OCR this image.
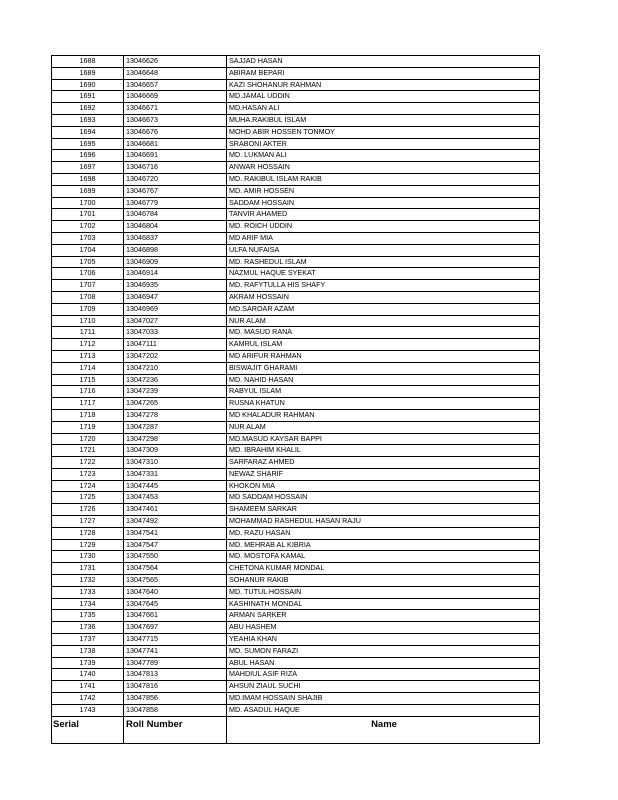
1688	13046626	SAJJAD HASAN
1689	13046648	ABIRAM BEPARI
1690	13046657	KAZI SHOHANUR RAHMAN
1691	13046669	MD.JAMAL UDDIN
1692	13046671	MD.HASAN ALI
1693	13046673	MUHA.RAKIBUL ISLAM
1694	13046676	MOHD ABIR HOSSEN TONMOY
1695	13046681	SRABONI AKTER
1696	13046691	MD. LUKMAN ALI
1697	13046716	ANWAR HOSSAIN
1698	13046720	MD. RAKIBUL ISLAM RAKIB
1699	13046767	MD. AMIR HOSSEN
1700	13046779	SADDAM HOSSAIN
1701	13046784	TANVIR AHAMED
1702	13046804	MD. ROICH UDDIN
1703	13046837	MD ARIF MIA
1704	13046898	ULFA NUFAISA
1705	13046909	MD. RASHEDUL ISLAM
1706	13046914	NAZMUL HAQUE SYEKAT
1707	13046935	MD. RAFYTULLA HIS SHAFY
1708	13046947	AKRAM HOSSAIN
1709	13046969	MD.SAROAR AZAM
1710	13047027	NUR ALAM
1711	13047033	MD. MASUD RANA
1712	13047111	KAMRUL ISLAM
1713	13047202	MD ARIFUR RAHMAN
1714	13047210	BISWAJIT GHARAMI
1715	13047236	MD. NAHID HASAN
1716	13047239	RABYUL ISLAM
1717	13047265	RUSNA KHATUN
1718	13047278	MD KHALADUR RAHMAN
1719	13047287	NUR ALAM
1720	13047298	MD.MASUD KAYSAR BAPPI
1721	13047309	MD. IBRAHIM KHALIL
1722	13047310	SARFARAZ AHMED
1723	13047331	NEWAZ SHARIF
1724	13047445	KHOKON MIA
1725	13047453	MD SADDAM HOSSAIN
1726	13047461	SHAMEEM SARKAR
1727	13047492	MOHAMMAD RASHEDUL HASAN RAJU
1728	13047541	MD. RAZU HASAN
1729	13047547	MD. MEHRAB AL KIBRIA
1730	13047550	MD. MOSTOFA KAMAL
1731	13047564	CHETONA KUMAR MONDAL
1732	13047565	SOHANUR RAKIB
1733	13047640	MD. TUTUL HOSSAIN
1734	13047645	KASHINATH MONDAL
1735	13047661	ARMAN SARKER
1736	13047697	ABU HASHEM
1737	13047715	YEAHIA KHAN
1738	13047741	MD. SUMON FARAZI
1739	13047789	ABUL HASAN
1740	13047813	MAHDIUL ASIF RIZA
1741	13047816	AHSUN ZIAUL SUCHI
1742	13047856	MD.IMAM HOSSAIN SHAJIB
1743	13047858	MD. ASADUL HAQUE
Serial	Roll Number	Name
